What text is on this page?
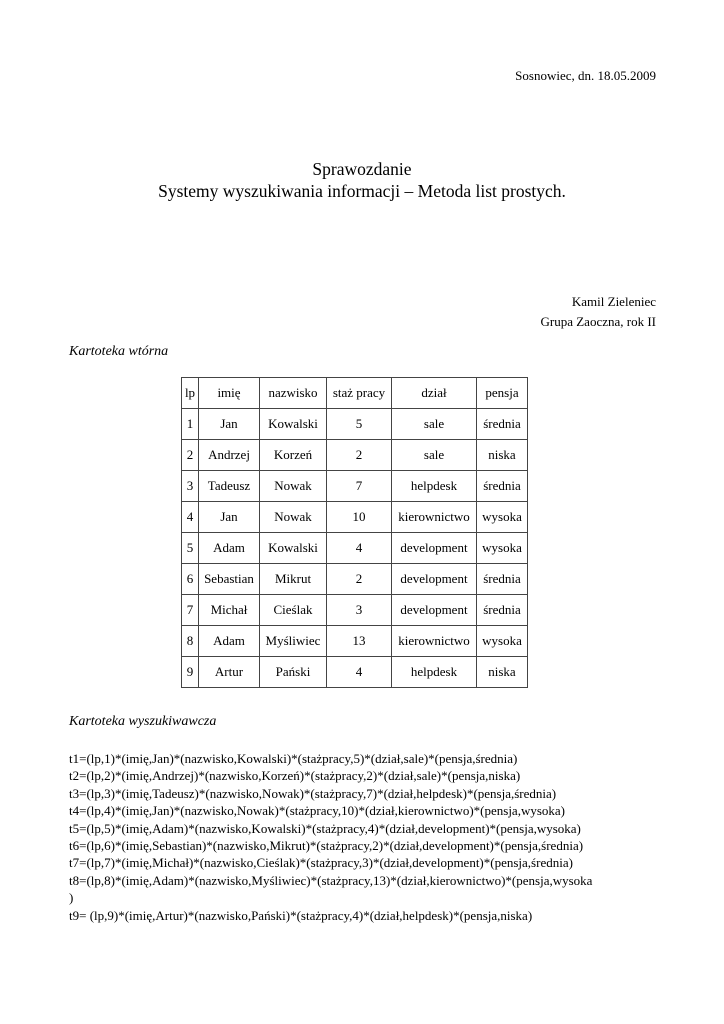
Sosnowiec, dn. 18.05.2009
Sprawozdanie
Systemy wyszukiwania informacji – Metoda list prostych.
Kamil Zieleniec
Grupa Zaoczna, rok II
Kartoteka wtórna
lp	imię	nazwisko	staż pracy	dział	pensja
1	Jan	Kowalski	5	sale	średnia
2	Andrzej	Korzeń	2	sale	niska
3	Tadeusz	Nowak	7	helpdesk	średnia
4	Jan	Nowak	10	kierownictwo	wysoka
5	Adam	Kowalski	4	development	wysoka
6	Sebastian	Mikrut	2	development	średnia
7	Michał	Cieślak	3	development	średnia
8	Adam	Myśliwiec	13	kierownictwo	wysoka
9	Artur	Pański	4	helpdesk	niska
Kartoteka wyszukiwawcza
t1=(lp,1)*(imię,Jan)*(nazwisko,Kowalski)*(stażpracy,5)*(dział,sale)*(pensja,średnia)
t2=(lp,2)*(imię,Andrzej)*(nazwisko,Korzeń)*(stażpracy,2)*(dział,sale)*(pensja,niska)
t3=(lp,3)*(imię,Tadeusz)*(nazwisko,Nowak)*(stażpracy,7)*(dział,helpdesk)*(pensja,średnia)
t4=(lp,4)*(imię,Jan)*(nazwisko,Nowak)*(stażpracy,10)*(dział,kierownictwo)*(pensja,wysoka)
t5=(lp,5)*(imię,Adam)*(nazwisko,Kowalski)*(stażpracy,4)*(dział,development)*(pensja,wysoka)
t6=(lp,6)*(imię,Sebastian)*(nazwisko,Mikrut)*(stażpracy,2)*(dział,development)*(pensja,średnia)
t7=(lp,7)*(imię,Michał)*(nazwisko,Cieślak)*(stażpracy,3)*(dział,development)*(pensja,średnia)
t8=(lp,8)*(imię,Adam)*(nazwisko,Myśliwiec)*(stażpracy,13)*(dział,kierownictwo)*(pensja,wysoka
)
t9= (lp,9)*(imię,Artur)*(nazwisko,Pański)*(stażpracy,4)*(dział,helpdesk)*(pensja,niska)
